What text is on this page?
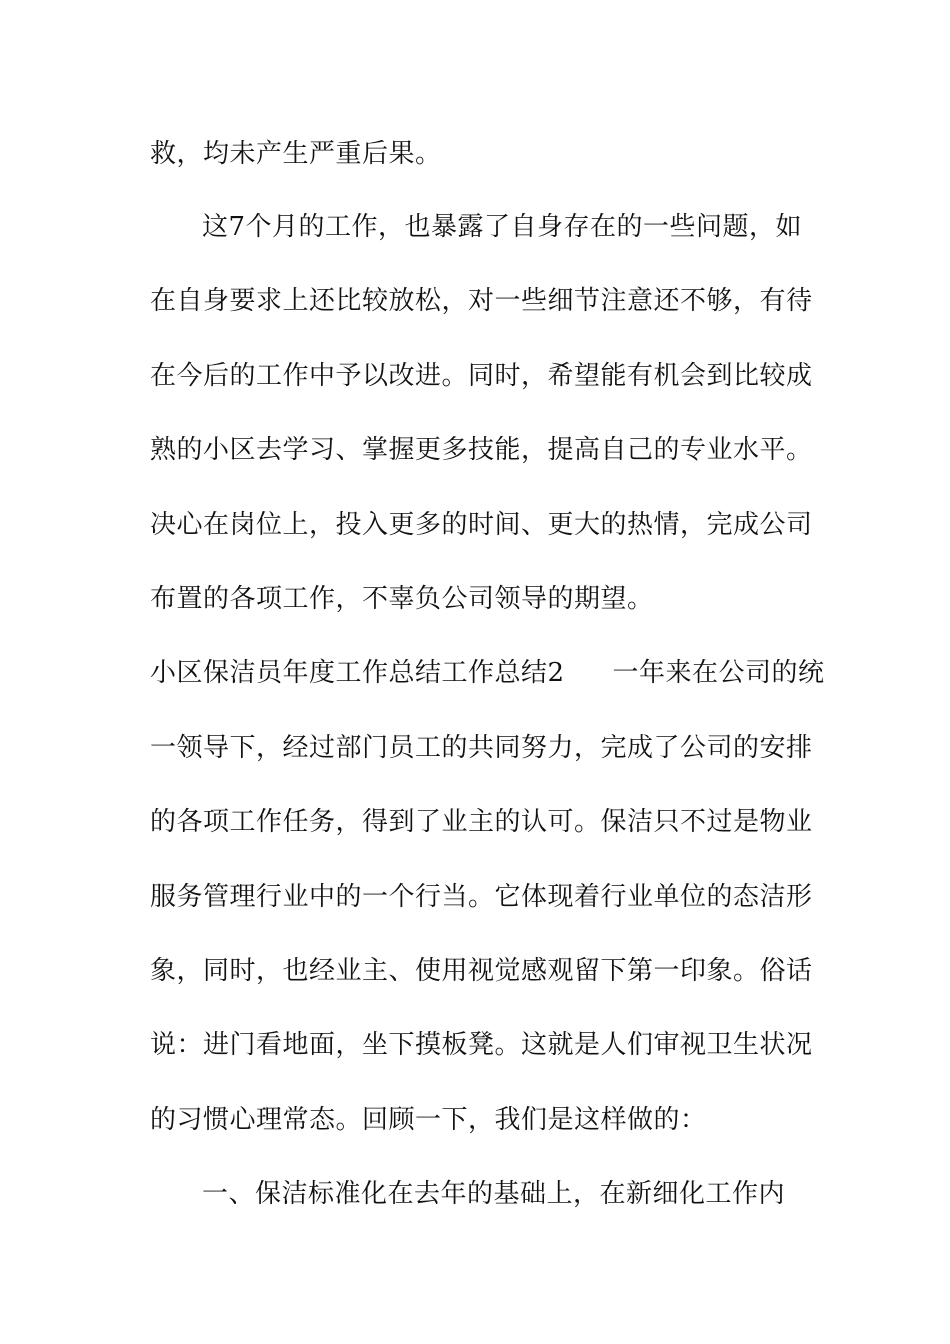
救，均未产生严重后果。
这7个月的工作，也暴露了自身存在的一些问题，如
在自身要求上还比较放松，对一些细节注意还不够，有待
在今后的工作中予以改进。同时，希望能有机会到比较成
熟的小区去学习、掌握更多技能，提高自己的专业水平。
决心在岗位上，投入更多的时间、更大的热情，完成公司
布置的各项工作，不辜负公司领导的期望。
小区保洁员年度工作总结工作总结2 一年来在公司的统
一领导下，经过部门员工的共同努力，完成了公司的安排
的各项工作任务，得到了业主的认可。保洁只不过是物业
服务管理行业中的一个行当。它体现着行业单位的态洁形
象，同时，也经业主、使用视觉感观留下第一印象。俗话
说：进门看地面，坐下摸板凳。这就是人们审视卫生状况
的习惯心理常态。回顾一下，我们是这样做的：
一、保洁标准化在去年的基础上，在新细化工作内
